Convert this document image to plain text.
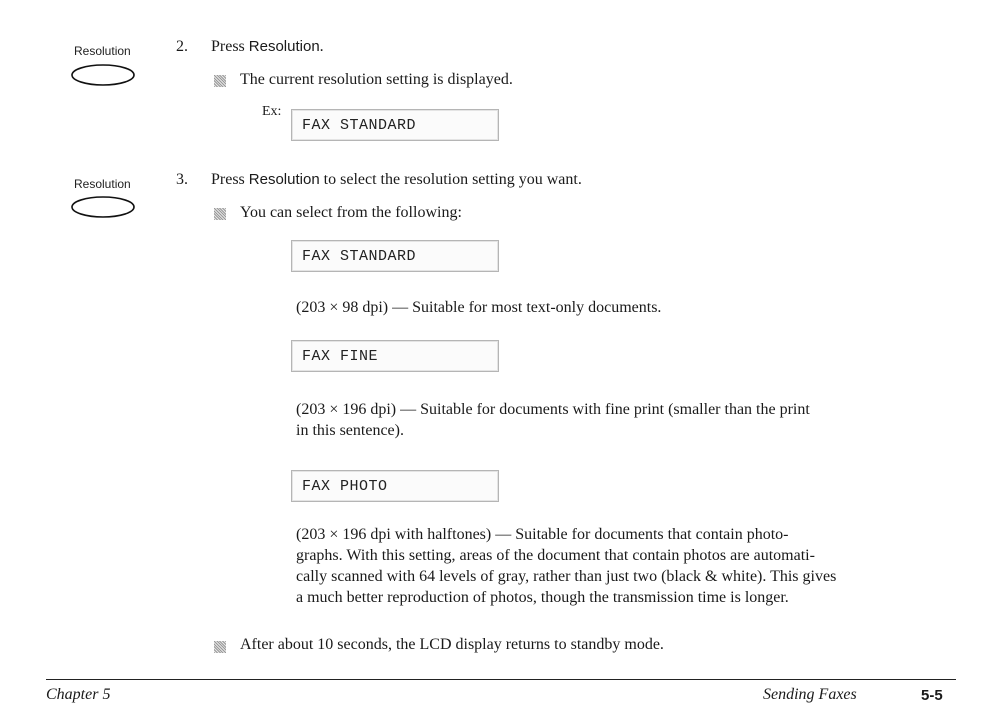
Resolution	2. Press Resolution.
The current resolution setting is displayed.
Ex:
FAX STANDARD
Resolution	3. Press Resolution to select the resolution setting you want.
You can select from the following:
FAX STANDARD
(203 × 98 dpi) — Suitable for most text-only documents.
FAX FINE
(203 × 196 dpi) — Suitable for documents with fine print (smaller than the print
in this sentence).
FAX PHOTO
(203 × 196 dpi with halftones) — Suitable for documents that contain photo-
graphs. With this setting, areas of the document that contain photos are automati-
cally scanned with 64 levels of gray, rather than just two (black & white). This gives
a much better reproduction of photos, though the transmission time is longer.
After about 10 seconds, the LCD display returns to standby mode.
Chapter 5	Sending Faxes	5-5
